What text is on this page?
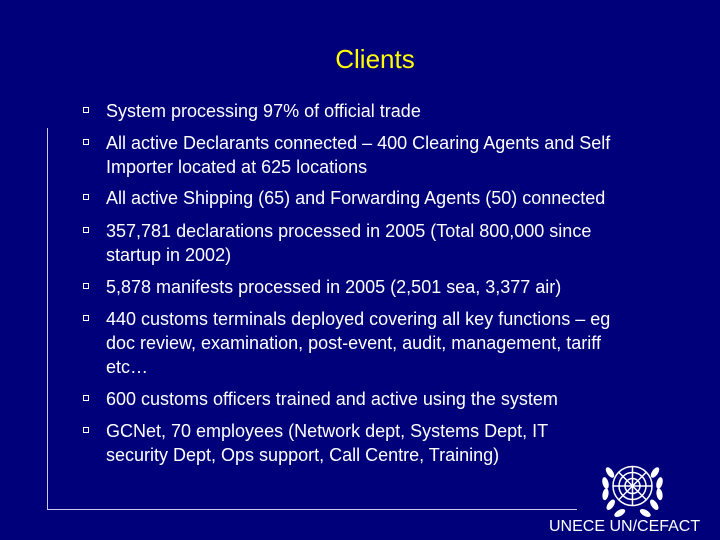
Clients
System processing 97% of official trade
All active Declarants connected – 400 Clearing Agents and Self
Importer located at 625 locations
All active Shipping (65) and Forwarding Agents (50) connected
357,781 declarations processed in 2005 (Total 800,000 since
startup in 2002)
5,878 manifests processed in 2005 (2,501 sea, 3,377 air)
440 customs terminals deployed covering all key functions – eg
doc review, examination, post-event, audit, management, tariff
etc…
600 customs officers trained and active using the system
GCNet, 70 employees (Network dept, Systems Dept, IT
security Dept, Ops support, Call Centre, Training)
UNECE UN/CEFACT
